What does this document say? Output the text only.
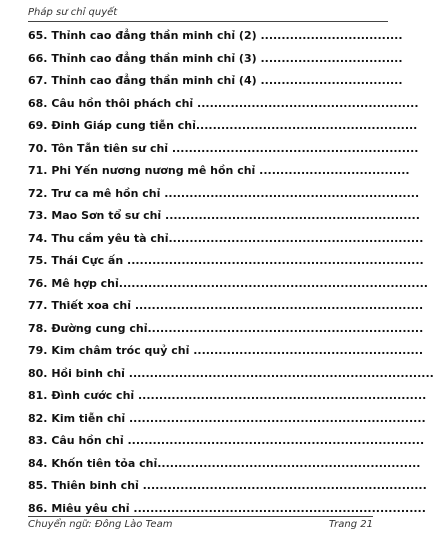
Pháp sư chỉ quyết
65. Thỉnh cao đẳng thần minh chỉ (2) ..................................
66. Thỉnh cao đẳng thần minh chỉ (3) ..................................
67. Thỉnh cao đẳng thần minh chỉ (4) ..................................
68. Câu hồn thôi phách chỉ .....................................................
69. Đinh Giáp cung tiễn chỉ.....................................................
70. Tôn Tẫn tiên sư chỉ ...........................................................
71. Phi Yến nương nương mê hồn chỉ ....................................
72. Trư ca mê hồn chỉ .............................................................
73. Mao Sơn tổ sư chỉ .............................................................
74. Thu cầm yêu tà chỉ.............................................................
75. Thái Cực ấn .......................................................................
76. Mê hợp chỉ..........................................................................
77. Thiết xoa chỉ .....................................................................
78. Đường cung chỉ..................................................................
79. Kim châm tróc quỷ chỉ .......................................................
80. Hồi binh chỉ .........................................................................
81. Đình cước chỉ .....................................................................
82. Kim tiễn chỉ .......................................................................
83. Câu hồn chỉ .......................................................................
84. Khốn tiên tỏa chỉ...............................................................
85. Thiên binh chỉ ....................................................................
86. Miêu yêu chỉ ......................................................................
Chuyển ngữ: Đông Lào Team	Trang 21
